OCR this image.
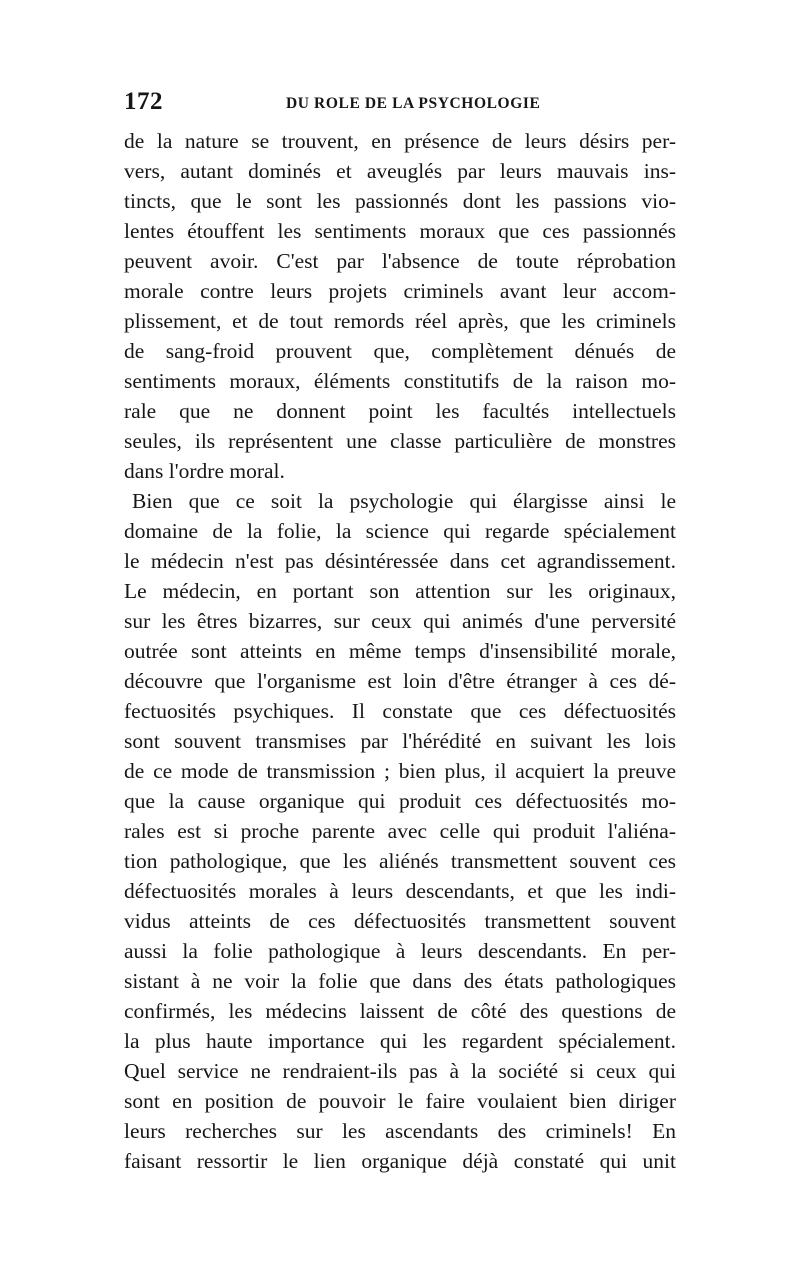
172	DU ROLE DE LA PSYCHOLOGIE
de la nature se trouvent, en présence de leurs désirs per-
vers, autant dominés et aveuglés par leurs mauvais ins-
tincts, que le sont les passionnés dont les passions vio-
lentes étouffent les sentiments moraux que ces passionnés
peuvent avoir. C'est par l'absence de toute réprobation
morale contre leurs projets criminels avant leur accom-
plissement, et de tout remords réel après, que les criminels
de sang-froid prouvent que, complètement dénués de
sentiments moraux, éléments constitutifs de la raison mo-
rale que ne donnent point les facultés intellectuels
seules, ils représentent une classe particulière de monstres
dans l'ordre moral.
Bien que ce soit la psychologie qui élargisse ainsi le
domaine de la folie, la science qui regarde spécialement
le médecin n'est pas désintéressée dans cet agrandissement.
Le médecin, en portant son attention sur les originaux,
sur les êtres bizarres, sur ceux qui animés d'une perversité
outrée sont atteints en même temps d'insensibilité morale,
découvre que l'organisme est loin d'être étranger à ces dé-
fectuosités psychiques. Il constate que ces défectuosités
sont souvent transmises par l'hérédité en suivant les lois
de ce mode de transmission ; bien plus, il acquiert la preuve
que la cause organique qui produit ces défectuosités mo-
rales est si proche parente avec celle qui produit l'aliéna-
tion pathologique, que les aliénés transmettent souvent ces
défectuosités morales à leurs descendants, et que les indi-
vidus atteints de ces défectuosités transmettent souvent
aussi la folie pathologique à leurs descendants. En per-
sistant à ne voir la folie que dans des états pathologiques
confirmés, les médecins laissent de côté des questions de
la plus haute importance qui les regardent spécialement.
Quel service ne rendraient-ils pas à la société si ceux qui
sont en position de pouvoir le faire voulaient bien diriger
leurs recherches sur les ascendants des criminels! En
faisant ressortir le lien organique déjà constaté qui unit
